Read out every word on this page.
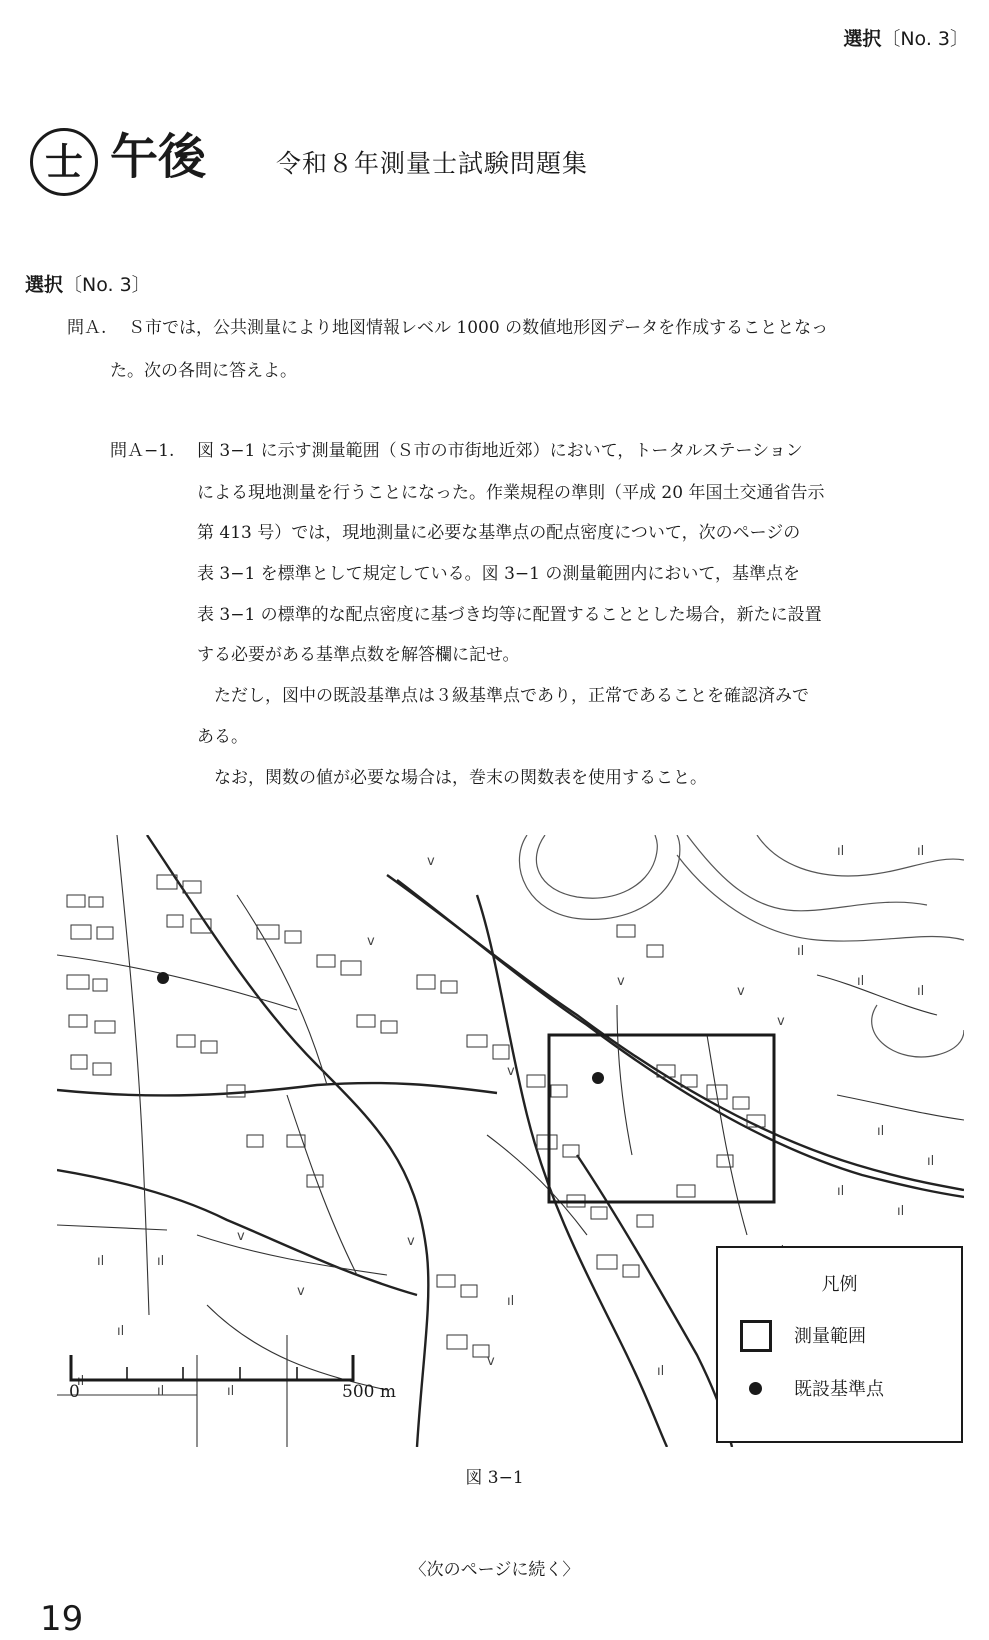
選択〔No. 3〕
士 午後	令和８年測量士試験問題集
選択〔No. 3〕
問Ａ. Ｓ市では，公共測量により地図情報レベル 1000 の数値地形図データを作成することとなっ
た。次の各問に答えよ。
問Ａ−1. 図 3−1 に示す測量範囲（Ｓ市の市街地近郊）において，トータルステーション
による現地測量を行うことになった。作業規程の準則（平成 20 年国土交通省告示
第 413 号）では，現地測量に必要な基準点の配点密度について，次のページの
表 3−1 を標準として規定している。図 3−1 の測量範囲内において，基準点を
表 3−1 の標準的な配点密度に基づき均等に配置することとした場合，新たに設置
する必要がある基準点数を解答欄に記せ。
　ただし，図中の既設基準点は３級基準点であり，正常であることを確認済みで
ある。
　なお，関数の値が必要な場合は，巻末の関数表を使用すること。
ıl	ıl
ıl
ıl
ıl
ıl
ıl
ıl
ıl
ıl	ıl
ıl
ıl
ıl	ıl
ıl
ıl
v
v
v
v
v
v
v
v
v
v
凡例
測量範囲
既設基準点
0	500 m
図 3−1
〈次のページに続く〉
19
